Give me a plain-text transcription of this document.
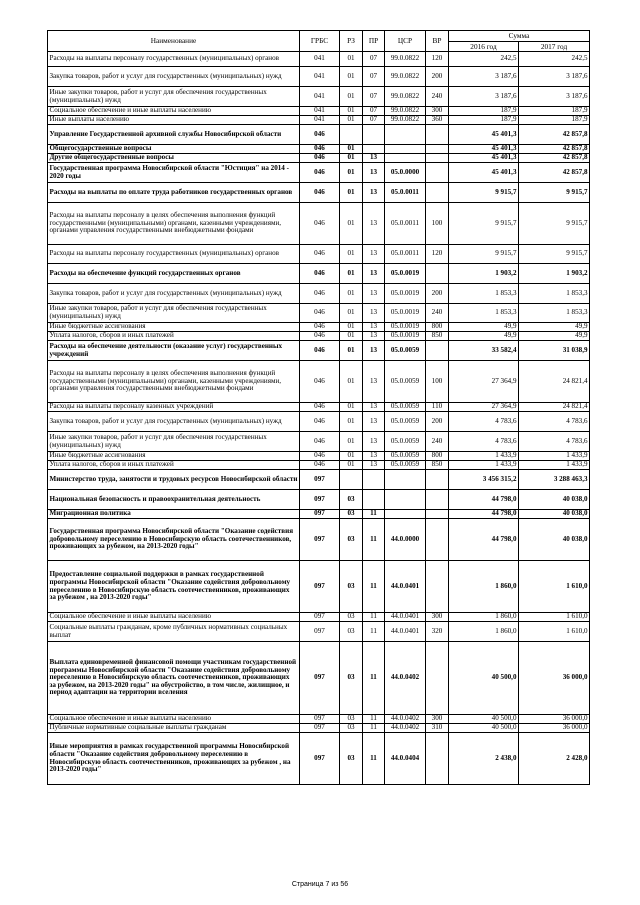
Наименование	ГРБС	РЗ	ПР	ЦСР	ВР	Сумма	
						2016 год	2017 год
Расходы на выплаты персоналу государственных (муниципальных) органов	041	01	07	99.0.0822	120	242,5	242,5
Закупка товаров, работ и услуг для государственных (муниципальных) нужд	041	01	07	99.0.0822	200	3 187,6	3 187,6
Иные закупки товаров, работ и услуг для обеспечения государственных (муниципальных) нужд	041	01	07	99.0.0822	240	3 187,6	3 187,6
Социальное обеспечение и иные выплаты населению	041	01	07	99.0.0822	300	187,9	187,9
Иные выплаты населению	041	01	07	99.0.0822	360	187,9	187,9
Управление Государственной архивной службы Новосибирской области	046					45 401,3	42 857,8
Общегосударственные вопросы	046	01				45 401,3	42 857,8
Другие общегосударственные вопросы	046	01	13			45 401,3	42 857,8
Государственная программа Новосибирской области "Юстиция" на 2014 - 2020 годы	046	01	13	05.0.0000		45 401,3	42 857,8
Расходы на выплаты по оплате труда работников государственных органов	046	01	13	05.0.0011		9 915,7	9 915,7
Расходы на выплаты персоналу в целях обеспечения выполнения функций государственными (муниципальными) органами, казенными учреждениями, органами управления государственными внебюджетными фондами	046	01	13	05.0.0011	100	9 915,7	9 915,7
Расходы на выплаты персоналу государственных (муниципальных) органов	046	01	13	05.0.0011	120	9 915,7	9 915,7
Расходы на обеспечение функций государственных органов	046	01	13	05.0.0019		1 903,2	1 903,2
Закупка товаров, работ и услуг для государственных (муниципальных) нужд	046	01	13	05.0.0019	200	1 853,3	1 853,3
Иные закупки товаров, работ и услуг для обеспечения государственных (муниципальных) нужд	046	01	13	05.0.0019	240	1 853,3	1 853,3
Иные бюджетные ассигнования	046	01	13	05.0.0019	800	49,9	49,9
Уплата налогов, сборов и иных платежей	046	01	13	05.0.0019	850	49,9	49,9
Расходы на обеспечение деятельности (оказание услуг) государственных учреждений	046	01	13	05.0.0059		33 582,4	31 038,9
Расходы на выплаты персоналу в целях обеспечения выполнения функций государственными (муниципальными) органами, казенными учреждениями, органами управления государственными внебюджетными фондами	046	01	13	05.0.0059	100	27 364,9	24 821,4
Расходы на выплаты персоналу казенных учреждений	046	01	13	05.0.0059	110	27 364,9	24 821,4
Закупка товаров, работ и услуг для государственных (муниципальных) нужд	046	01	13	05.0.0059	200	4 783,6	4 783,6
Иные закупки товаров, работ и услуг для обеспечения государственных (муниципальных) нужд	046	01	13	05.0.0059	240	4 783,6	4 783,6
Иные бюджетные ассигнования	046	01	13	05.0.0059	800	1 433,9	1 433,9
Уплата налогов, сборов и иных платежей	046	01	13	05.0.0059	850	1 433,9	1 433,9
Министерство труда, занятости и трудовых ресурсов Новосибирской области	097					3 456 315,2	3 288 463,3
Национальная безопасность и правоохранительная деятельность	097	03				44 798,0	40 038,0
Миграционная политика	097	03	11			44 798,0	40 038,0
Государственная программа Новосибирской области "Оказание содействия добровольному переселению в Новосибирскую область соотечественников, проживающих за рубежом, на 2013-2020 годы"	097	03	11	44.0.0000		44 798,0	40 038,0
Предоставление социальной поддержки в рамках государственной программы Новосибирской области "Оказание содействия добровольному переселению в Новосибирскую область соотечественников, проживающих за рубежом , на 2013-2020 годы"	097	03	11	44.0.0401		1 860,0	1 610,0
Социальное обеспечение и иные выплаты населению	097	03	11	44.0.0401	300	1 860,0	1 610,0
Социальные выплаты гражданам, кроме публичных нормативных социальных выплат	097	03	11	44.0.0401	320	1 860,0	1 610,0
Выплата единовременной финансовой помощи участникам государственной программы Новосибирской области "Оказание содействия добровольному переселению в Новосибирскую область соотечественников, проживающих за рубежом, на 2013-2020 годы" на обустройство, в том числе, жилищное, и период адаптации на территории вселения	097	03	11	44.0.0402		40 500,0	36 000,0
Социальное обеспечение и иные выплаты населению	097	03	11	44.0.0402	300	40 500,0	36 000,0
Публичные нормативные социальные выплаты гражданам	097	03	11	44.0.0402	310	40 500,0	36 000,0
Иные мероприятия в рамках государственной программы Новосибирской области "Оказание содействия добровольному переселению в Новосибирскую область соотечественников, проживающих за рубежом , на 2013-2020 годы"	097	03	11	44.0.0404		2 438,0	2 428,0
Страница 7 из 56
